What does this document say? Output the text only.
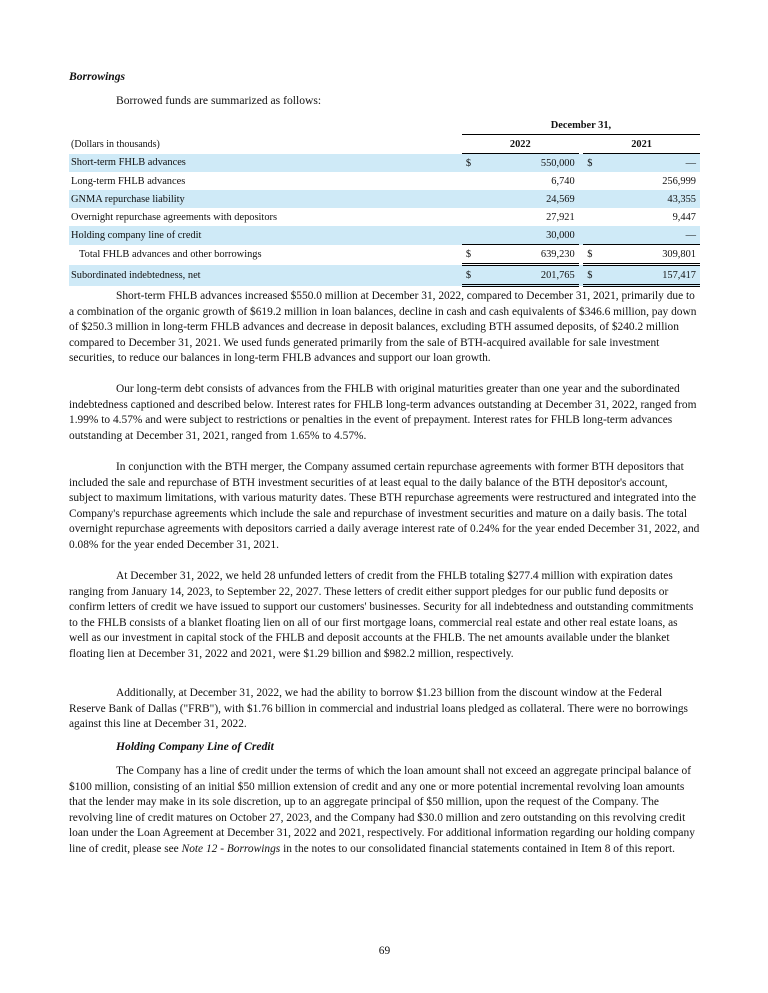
Borrowings
Borrowed funds are summarized as follows:
	December 31,				
(Dollars in thousands)	2022			2021	
Short-term FHLB advances	$	550,000		$	—
Long-term FHLB advances		6,740			256,999
GNMA repurchase liability		24,569			43,355
Overnight repurchase agreements with depositors		27,921			9,447
Holding company line of credit		30,000			—
Total FHLB advances and other borrowings	$	639,230		$	309,801
Subordinated indebtedness, net	$	201,765		$	157,417
Short-term FHLB advances increased $550.0 million at December 31, 2022, compared to December 31, 2021, primarily due to a combination of the organic growth of $619.2 million in loan balances, decline in cash and cash equivalents of $346.6 million, pay down of $250.3 million in long-term FHLB advances and decrease in deposit balances, excluding BTH assumed deposits, of $240.2 million compared to December 31, 2021. We used funds generated primarily from the sale of BTH-acquired available for sale investment securities, to reduce our balances in long-term FHLB advances and support our loan growth.
Our long-term debt consists of advances from the FHLB with original maturities greater than one year and the subordinated indebtedness captioned and described below. Interest rates for FHLB long-term advances outstanding at December 31, 2022, ranged from 1.99% to 4.57% and were subject to restrictions or penalties in the event of prepayment. Interest rates for FHLB long-term advances outstanding at December 31, 2021, ranged from 1.65% to 4.57%.
In conjunction with the BTH merger, the Company assumed certain repurchase agreements with former BTH depositors that included the sale and repurchase of BTH investment securities of at least equal to the daily balance of the BTH depositor's account, subject to maximum limitations, with various maturity dates. These BTH repurchase agreements were restructured and integrated into the Company's repurchase agreements which include the sale and repurchase of investment securities and mature on a daily basis. The total overnight repurchase agreements with depositors carried a daily average interest rate of 0.24% for the year ended December 31, 2022, and 0.08% for the year ended December 31, 2021.
At December 31, 2022, we held 28 unfunded letters of credit from the FHLB totaling $277.4 million with expiration dates ranging from January 14, 2023, to September 22, 2027. These letters of credit either support pledges for our public fund deposits or confirm letters of credit we have issued to support our customers' businesses. Security for all indebtedness and outstanding commitments to the FHLB consists of a blanket floating lien on all of our first mortgage loans, commercial real estate and other real estate loans, as well as our investment in capital stock of the FHLB and deposit accounts at the FHLB. The net amounts available under the blanket floating lien at December 31, 2022 and 2021, were $1.29 billion and $982.2 million, respectively.
Additionally, at December 31, 2022, we had the ability to borrow $1.23 billion from the discount window at the Federal Reserve Bank of Dallas ("FRB"), with $1.76 billion in commercial and industrial loans pledged as collateral. There were no borrowings against this line at December 31, 2022.
Holding Company Line of Credit
The Company has a line of credit under the terms of which the loan amount shall not exceed an aggregate principal balance of $100 million, consisting of an initial $50 million extension of credit and any one or more potential incremental revolving loan amounts that the lender may make in its sole discretion, up to an aggregate principal of $50 million, upon the request of the Company. The revolving line of credit matures on October 27, 2023, and the Company had $30.0 million and zero outstanding on this revolving credit loan under the Loan Agreement at December 31, 2022 and 2021, respectively. For additional information regarding our holding company line of credit, please see Note 12 - Borrowings in the notes to our consolidated financial statements contained in Item 8 of this report.
69
